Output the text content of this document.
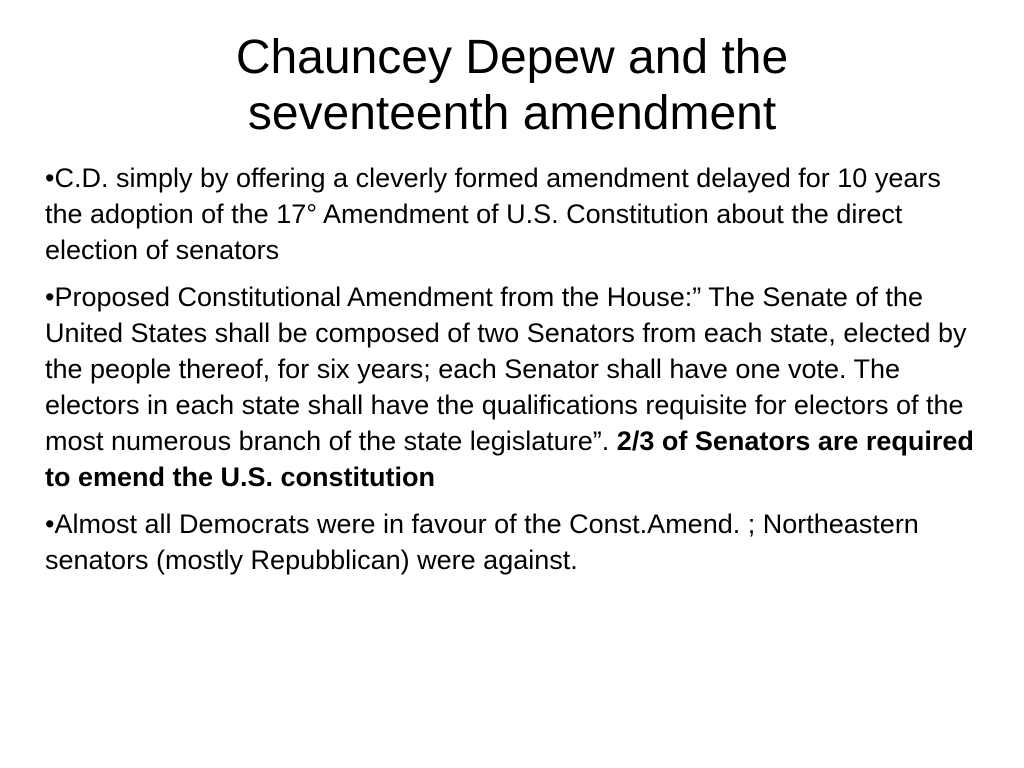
Chauncey Depew and the
seventeenth amendment

•C.D. simply by offering a cleverly formed amendment delayed for 10 years the adoption of the 17° Amendment of U.S. Constitution about the direct election of senators

•Proposed Constitutional Amendment from the House:” The Senate of the United States shall be composed of two Senators from each state, elected by the people thereof, for six years; each Senator shall have one vote. The electors in each state shall have the qualifications requisite for electors of the most numerous branch of the state legislature”. 2/3 of Senators are required to emend the U.S. constitution

•Almost all Democrats were in favour of the Const.Amend. ; Northeastern senators (mostly Repubblican) were against.
